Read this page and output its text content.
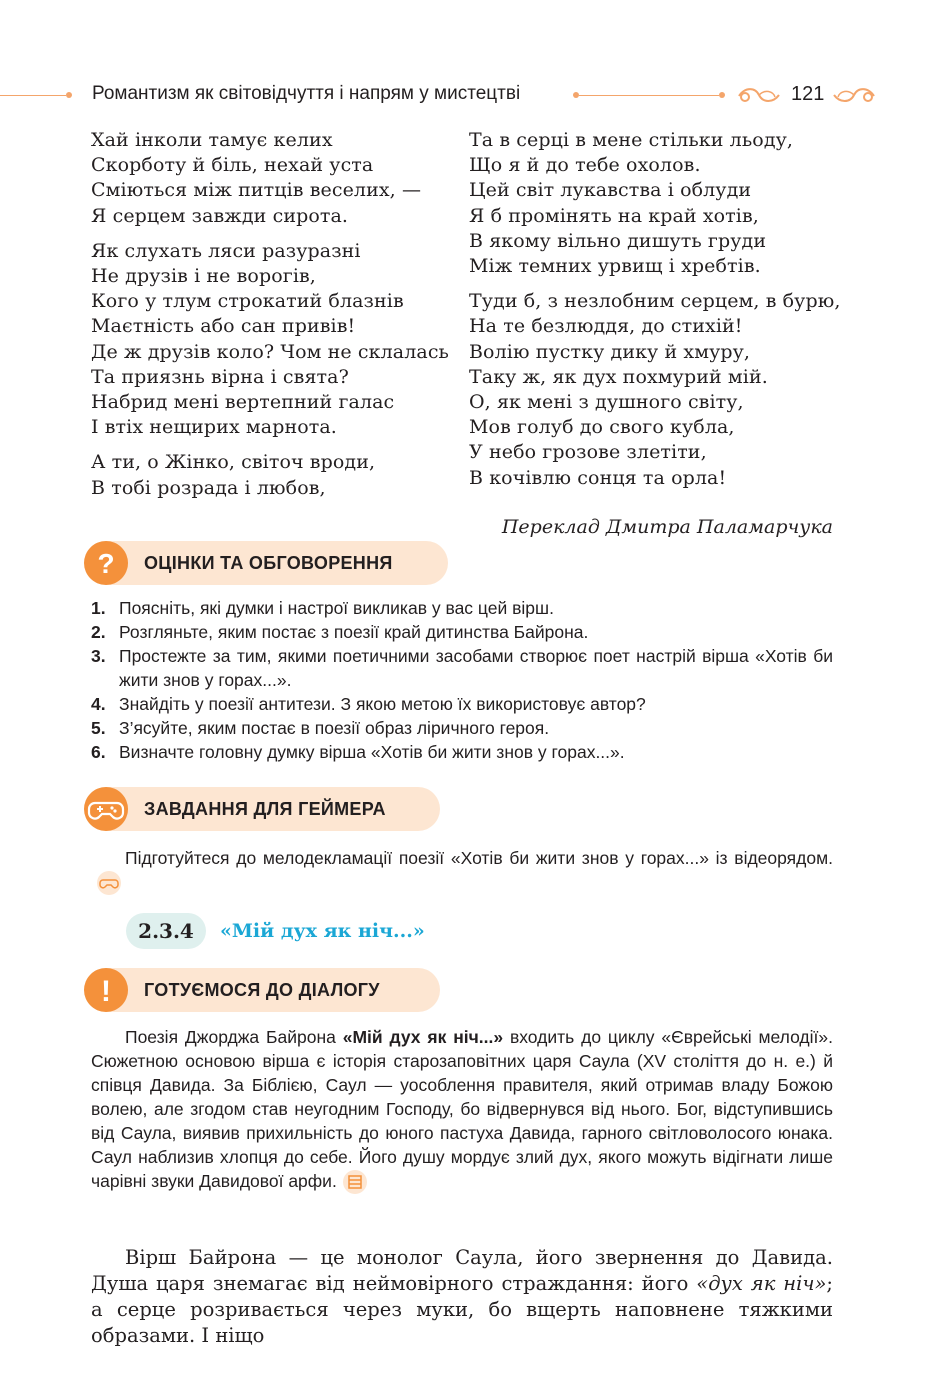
Романтизм як світовідчуття і напрям у мистецтві	121
Хай інколи тамує келих
Скорботу й біль, нехай уста
Сміються між питців веселих, —
Я серцем завжди сирота.
Як слухать ляси разуразні
Не друзів і не ворогів,
Кого у тлум строкатий блазнів
Маєтність або сан привів!
Де ж друзів коло? Чом не склалась
Та приязнь вірна і свята?
Набрид мені вертепний галас
І втіх нещирих марнота.
А ти, о Жінко, світоч вроди,
В тобі розрада і любов,
Та в серці в мене стільки льоду,
Що я й до тебе охолов.
Цей світ лукавства і облуди
Я б промінять на край хотів,
В якому вільно дишуть груди
Між темних урвищ і хребтів.
Туди б, з незлобним серцем, в бурю,
На те безлюддя, до стихій!
Волію пустку дику й хмуру,
Таку ж, як дух похмурий мій.
О, як мені з душного світу,
Мов голуб до свого кубла,
У небо грозове злетіти,
В кочівлю сонця та орла!
Переклад Дмитра Паламарчука
? ОЦІНКИ ТА ОБГОВОРЕННЯ
1. Поясніть, які думки і настрої викликав у вас цей вірш.
2. Розгляньте, яким постає з поезії край дитинства Байрона.
3. Простежте за тим, якими поетичними засобами створює поет настрій вірша «Хотів би жити знов у горах...».
4. Знайдіть у поезії антитези. З якою метою їх використовує автор?
5. З’ясуйте, яким постає в поезії образ ліричного героя.
6. Визначте головну думку вірша «Хотів би жити знов у горах...».
ЗАВДАННЯ ДЛЯ ГЕЙМЕРА
Підготуйтеся до мелодекламації поезії «Хотів би жити знов у горах...» із відеорядом.
2.3.4	«Мій дух як ніч...»
! ГОТУЄМОСЯ ДО ДІАЛОГУ
Поезія Джорджа Байрона «Мій дух як ніч...» входить до циклу «Єврейські мелодії». Сюжетною основою вірша є історія старозаповітних царя Саула (XV століття до н. е.) й співця Давида. За Біблією, Саул — уособлення правителя, який отримав владу Божою волею, але згодом став неугодним Господу, бо відвернувся від нього. Бог, відступившись від Саула, виявив прихильність до юного пастуха Давида, гарного світловолосого юнака. Саул наблизив хлопця до себе. Його душу мордує злий дух, якого можуть відігнати лише чарівні звуки Давидової арфи.
Вірш Байрона — це монолог Саула, його звернення до Давида. Душа царя знемагає від неймовірного страждання: його «дух як ніч»; а серце розривається через муки, бо вщерть наповнене тяжкими образами. І ніщо
